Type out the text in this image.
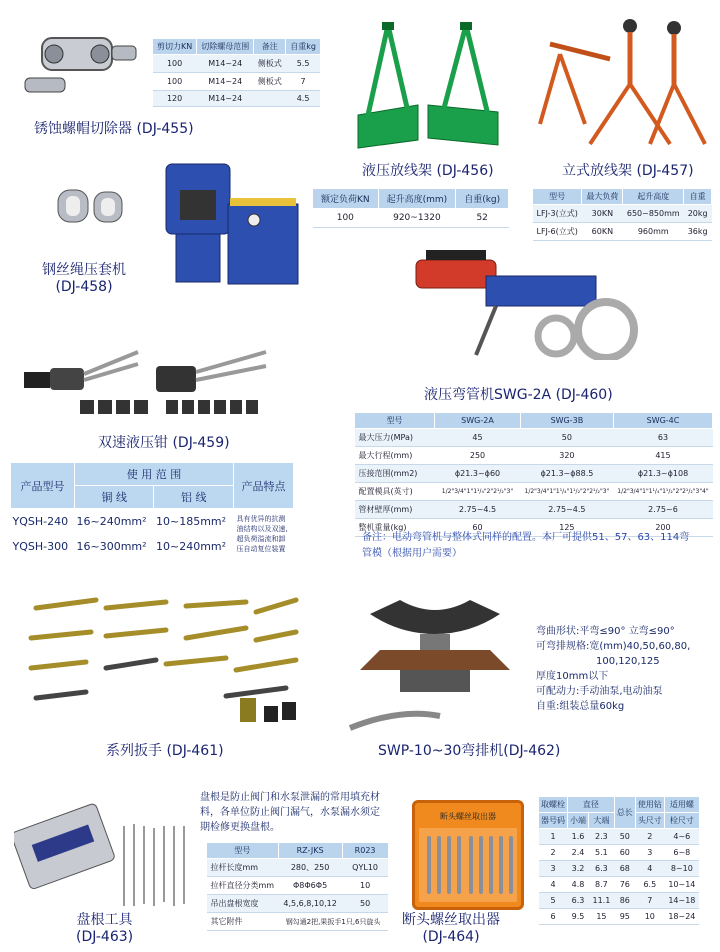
剪切力KN	切除螺母范围	备注	自重kg
100	M14~24	侧板式	5.5
100	M14~24	侧板式	7
120	M14~24		4.5
锈蚀螺帽切除器 (DJ-455)
液压放线架 (DJ-456)
额定负荷KN	起升高度(mm)	自重(kg)
100	920~1320	52
立式放线架 (DJ-457)
型号	最大负荷	起升高度	自重
LFJ-3(立式)	30KN	650~850mm	20kg
LFJ-6(立式)	60KN	960mm	36kg
钢丝绳压套机
(DJ-458)
双速液压钳 (DJ-459)
产品型号	使 用 范 围		产品特点
	铜 线	铝 线	
YQSH-240	16~240mm²	10~185mm²	具有优异的抗测油结构以及双速,超负荷溢流和卸压自动复位装置
YQSH-300	16~300mm²	10~240mm²	
液压弯管机SWG-2A (DJ-460)
型号	SWG-2A	SWG-3B	SWG-4C
最大压力(MPa)	45	50	63
最大行程(mm)	250	320	415
压接范围(mm2)	ϕ21.3~ϕ60	ϕ21.3~ϕ88.5	ϕ21.3~ϕ108
配置模具(英寸)	1/2"3/4"1"1¹/₄"2"2¹/₂"3"	1/2"3/4"1"1¹/₄"1¹/₂"2"2¹/₂"3"	1/2"3/4"1"1¹/₄"1¹/₂"2"2¹/₂"3"4"
管材壁厚(mm)	2.75~4.5	2.75~4.5	2.75~6
整机重量(kg)	60	125	200
备注：电动弯管机与整体式同样的配置。本厂可提供51、57、63、114弯管模（根据用户需要）
系列扳手 (DJ-461)
弯曲形状:平弯≤90° 立弯≤90°
可弯排规格:宽(mm)40,50,60,80,
100,120,125
厚度10mm以下
可配动力:手动油泵,电动油泵
自重:组装总量60kg
SWP-10~30弯排机(DJ-462)
盘根工具
(DJ-463)
盘根是防止阀门和水泵泄漏的常用填充材料，各单位防止阀门漏气，水泵漏水须定期检修更换盘根。
型号	RZ-JKS	R023
拉杆长度mm	280、250	QYL10
拉杆直径分类mm	Φ8Φ6Φ5	10
吊出盘根宽度	4,5,6,8,10,12	50
其它附件	钢勾通2把,果扳手1只,6只旋头	
断头螺丝取出器
断头螺丝取出器
(DJ-464)
取螺栓	直径		总长	使用钻	适用螺
器号码	小端	大端		头尺寸	栓尺寸
1	1.6	2.3	50	2	4~6
2	2.4	5.1	60	3	6~8
3	3.2	6.3	68	4	8~10
4	4.8	8.7	76	6.5	10~14
5	6.3	11.1	86	7	14~18
6	9.5	15	95	10	18~24
